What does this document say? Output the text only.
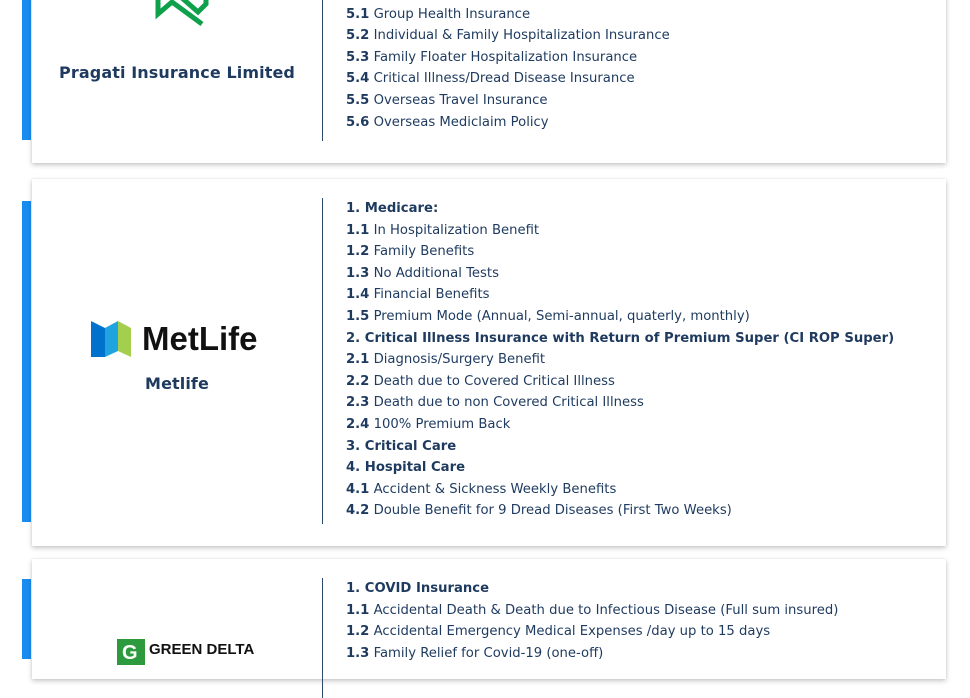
Pragati Insurance Limited
5.1 Group Health Insurance
5.2 Individual & Family Hospitalization Insurance
5.3 Family Floater Hospitalization Insurance
5.4 Critical Illness/Dread Disease Insurance
5.5 Overseas Travel Insurance
5.6 Overseas Mediclaim Policy
MetLife
Metlife
1. Medicare:
1.1 In Hospitalization Benefit
1.2 Family Benefits
1.3 No Additional Tests
1.4 Financial Benefits
1.5 Premium Mode (Annual, Semi-annual, quaterly, monthly)
2. Critical Illness Insurance with Return of Premium Super (CI ROP Super)
2.1 Diagnosis/Surgery Benefit
2.2 Death due to Covered Critical Illness
2.3 Death due to non Covered Critical Illness
2.4 100% Premium Back
3. Critical Care
4. Hospital Care
4.1 Accident & Sickness Weekly Benefits
4.2 Double Benefit for 9 Dread Diseases (First Two Weeks)
G GREEN DELTA
1. COVID Insurance
1.1 Accidental Death & Death due to Infectious Disease (Full sum insured)
1.2 Accidental Emergency Medical Expenses /day up to 15 days
1.3 Family Relief for Covid-19 (one-off)
